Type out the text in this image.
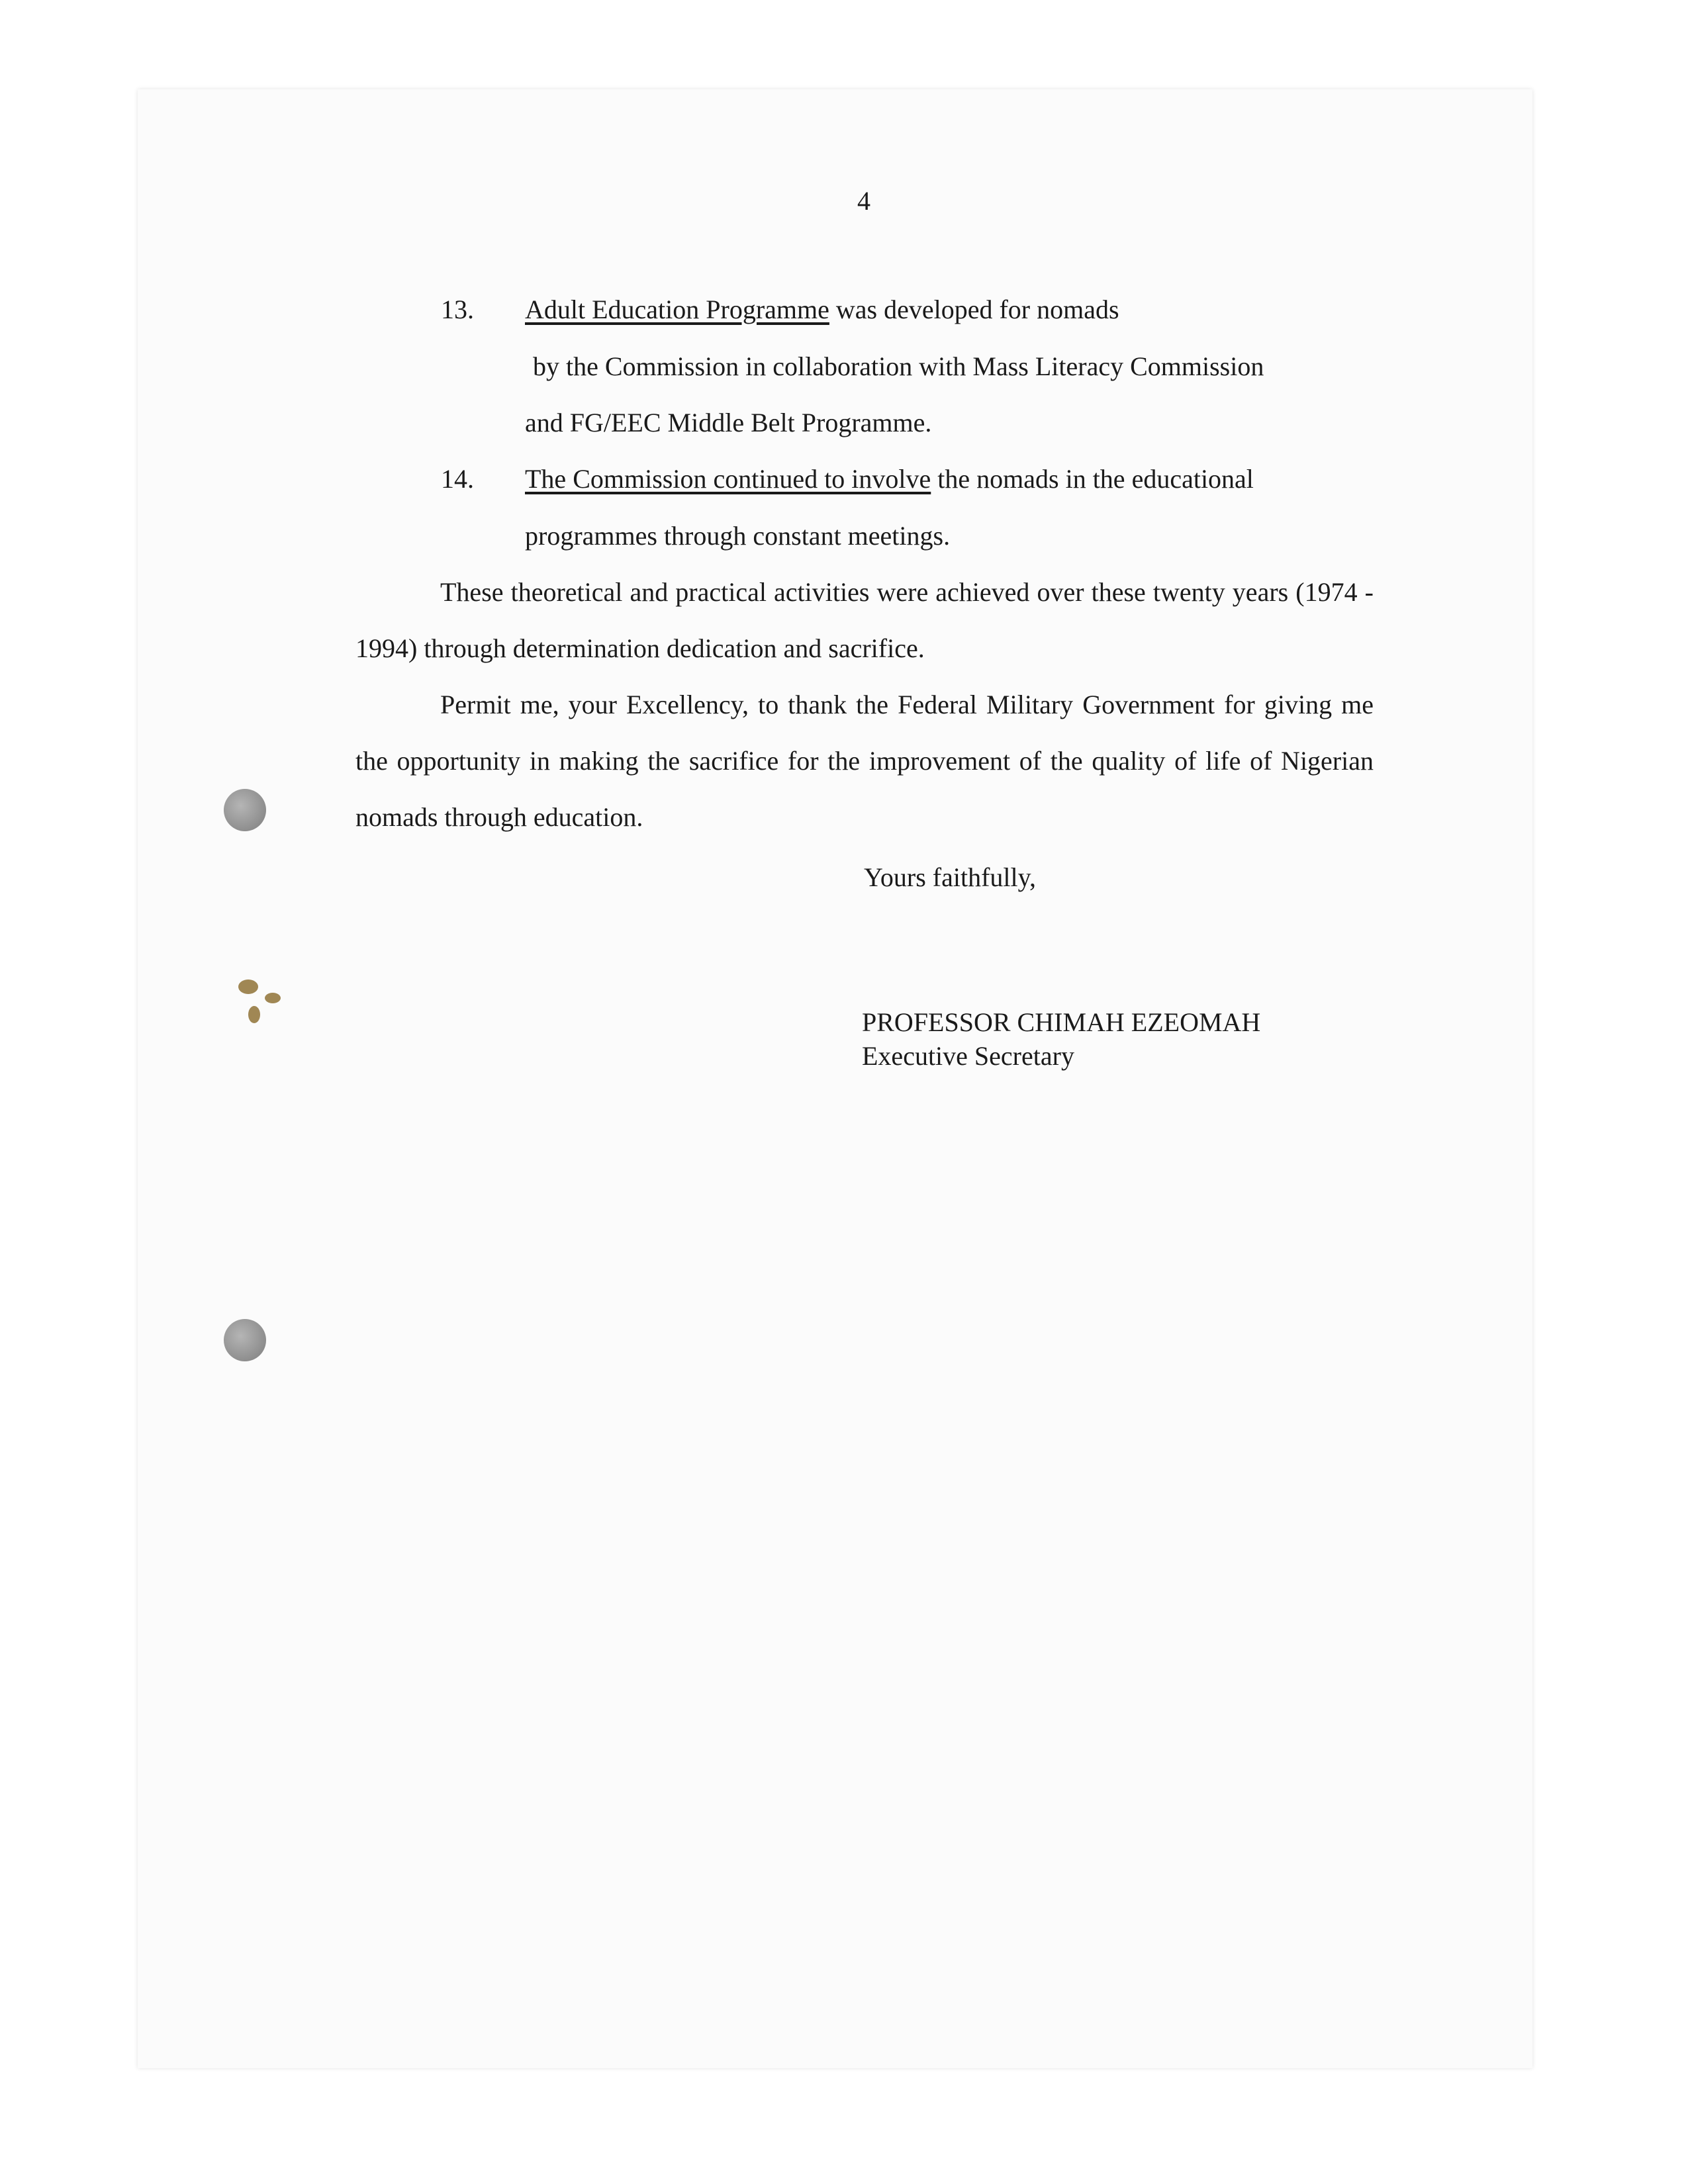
4
13. Adult Education Programme was developed for nomads
by the Commission in collaboration with Mass Literacy Commission
and FG/EEC Middle Belt Programme.
14. The Commission continued to involve the nomads in the educational
programmes through constant meetings.

These theoretical and practical activities were achieved over these twenty years (1974 - 1994) through determination dedication and sacrifice.

Permit me, your Excellency, to thank the Federal Military Government for giving me the opportunity in making the sacrifice for the improvement of the quality of life of Nigerian nomads through education.

Yours faithfully,
PROFESSOR CHIMAH EZEOMAH
Executive Secretary
